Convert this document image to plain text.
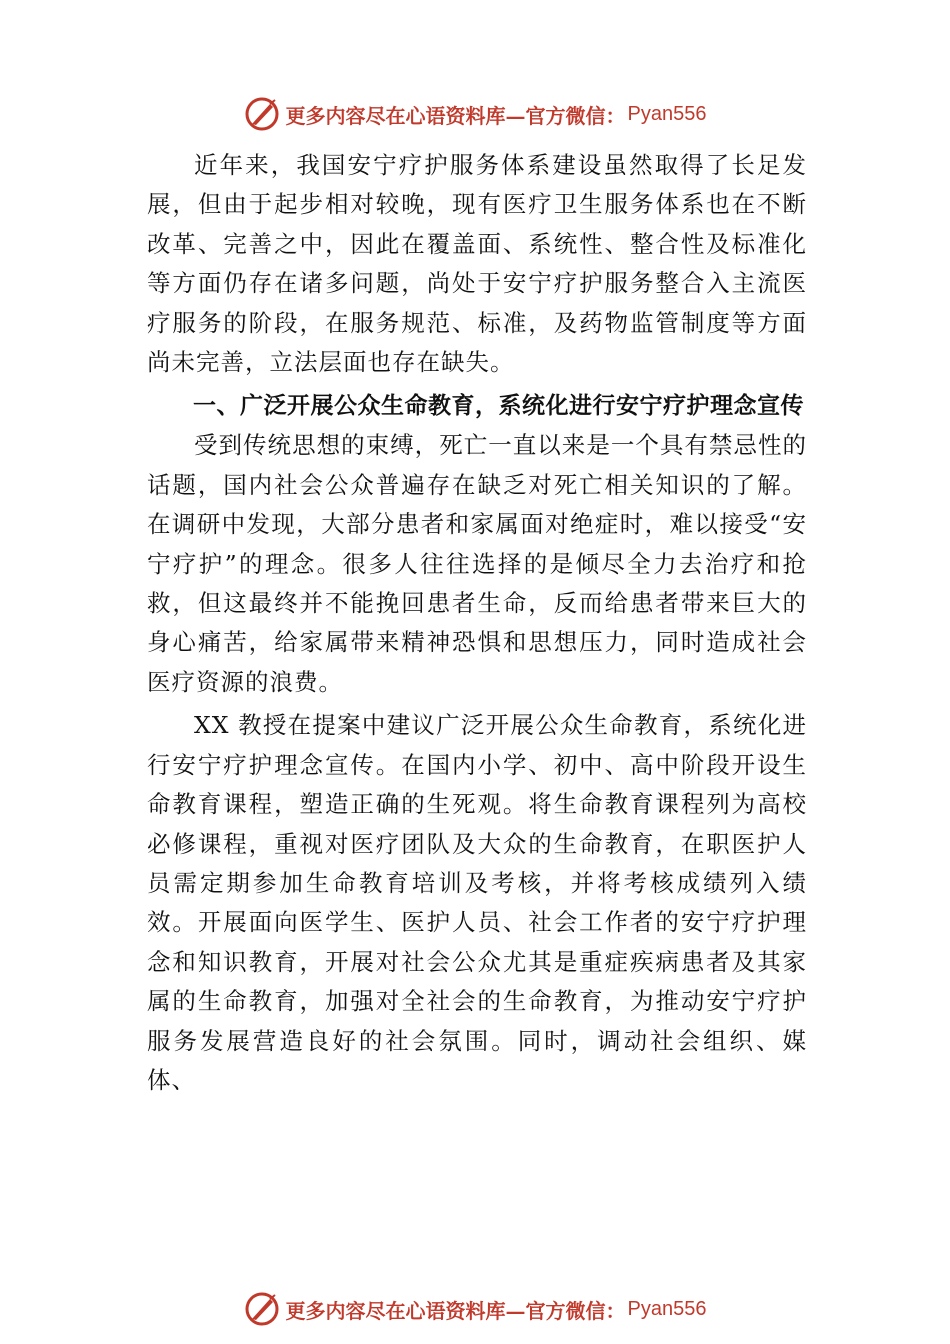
更多内容尽在心语资料库—官方微信： Pyan556

近年来，我国安宁疗护服务体系建设虽然取得了长足发展，但由于起步相对较晚，现有医疗卫生服务体系也在不断改革、完善之中，因此在覆盖面、系统性、整合性及标准化等方面仍存在诸多问题，尚处于安宁疗护服务整合入主流医疗服务的阶段，在服务规范、标准，及药物监管制度等方面尚未完善，立法层面也存在缺失。

一、广泛开展公众生命教育，系统化进行安宁疗护理念宣传

受到传统思想的束缚，死亡一直以来是一个具有禁忌性的话题，国内社会公众普遍存在缺乏对死亡相关知识的了解。在调研中发现，大部分患者和家属面对绝症时，难以接受“安宁疗护”的理念。很多人往往选择的是倾尽全力去治疗和抢 救，但这最终并不能挽回患者生命，反而给患者带来巨大的 身心痛苦，给家属带来精神恐惧和思想压力，同时造成社会 医疗资源的浪费。

XX 教授在提案中建议广泛开展公众生命教育，系统化进行安宁疗护理念宣传。在国内小学、初中、高中阶段开设生命教育课程，塑造正确的生死观。将生命教育课程列为高校必修课程，重视对医疗团队及大众的生命教育，在职医护人员需定期参加生命教育培训及考核，并将考核成绩列入绩效。开展面向医学生、医护人员、社会工作者的安宁疗护理念和知识教育，开展对社会公众尤其是重症疾病患者及其家属的生命教育，加强对全社会的生命教育，为推动安宁疗护服务发展营造良好的社会氛围。同时，调动社会组织、媒体、

更多内容尽在心语资料库—官方微信： Pyan556
